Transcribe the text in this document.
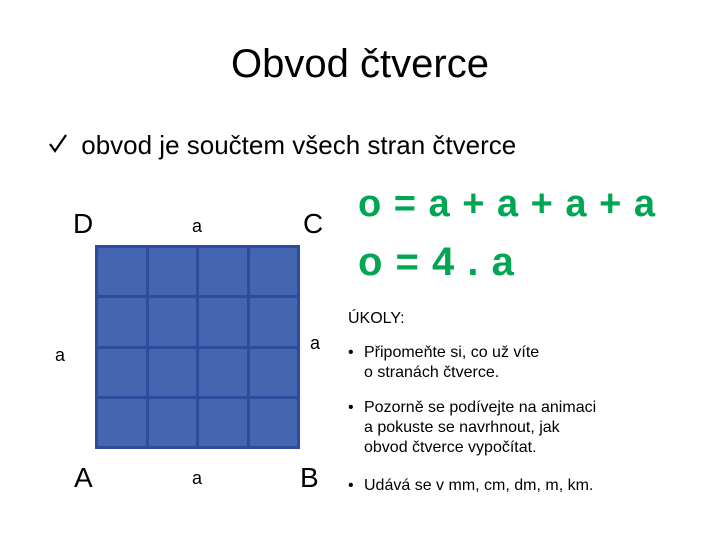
Obvod čtverce
obvod je součtem všech stran čtverce
D	a	C
a
a
A	a	B
o = a + a + a + a
o = 4 . a
ÚKOLY:
• Připomeňte si, co už víte
o stranách čtverce.
• Pozorně se podívejte na animaci
a pokuste se navrhnout, jak
obvod čtverce vypočítat.
• Udává se v mm, cm, dm, m, km.
